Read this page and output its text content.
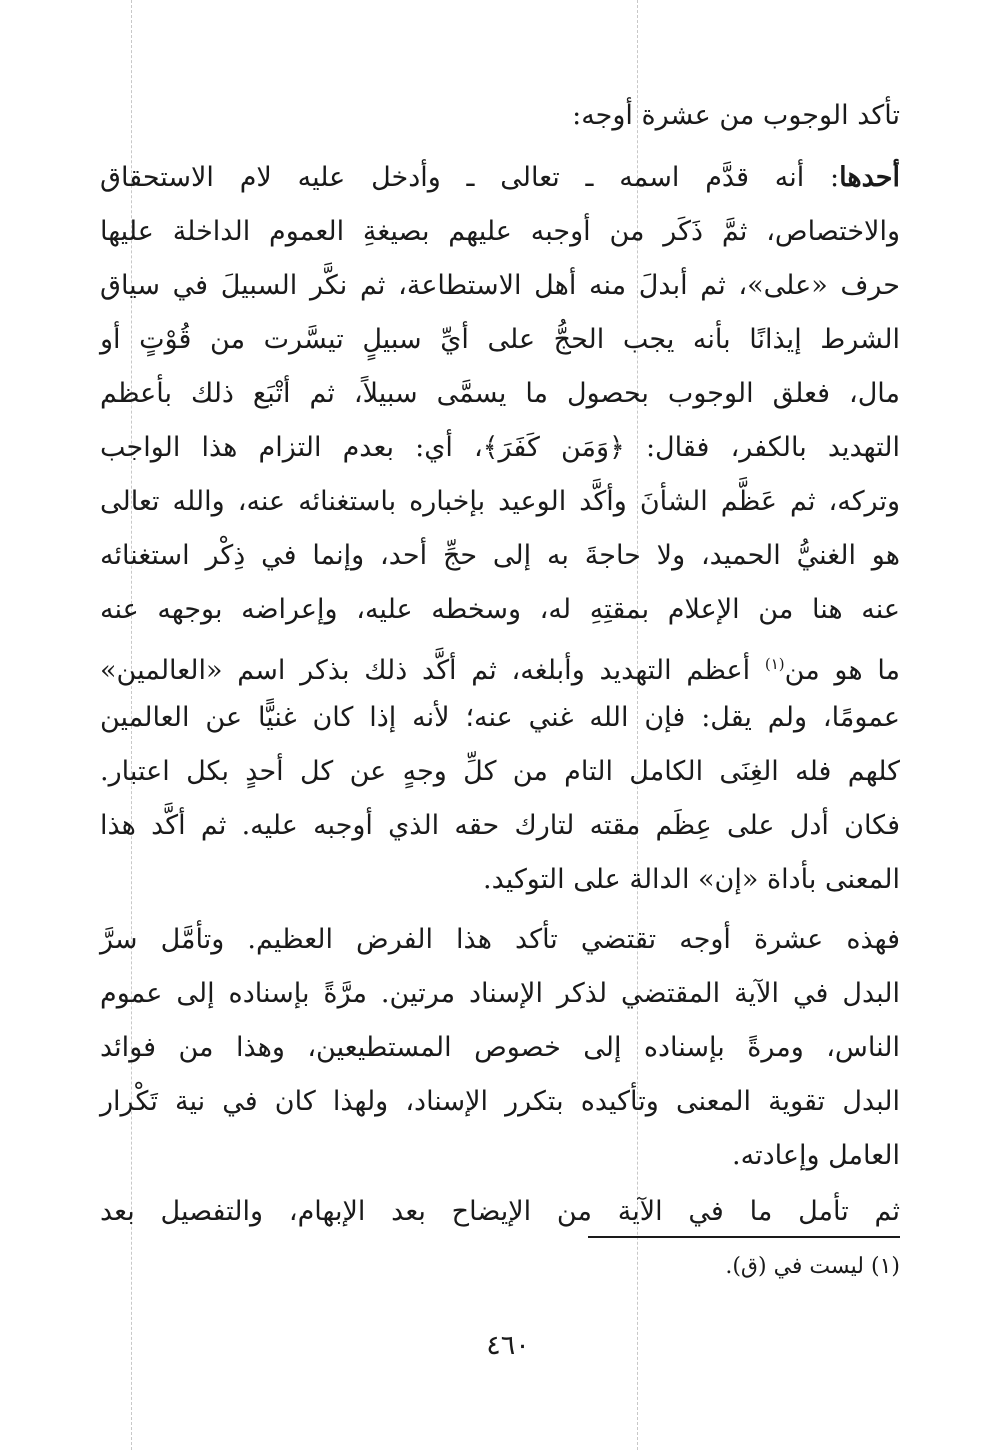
تأكد الوجوب من عشرة أوجه:
أحدها: أنه قدَّم اسمه ـ تعالى ـ وأدخل عليه لام الاستحقاق
والاختصاص، ثمَّ ذَكَر من أوجبه عليهم بصيغةِ العموم الداخلة عليها
حرف «على»، ثم أبدلَ منه أهل الاستطاعة، ثم نكَّر السبيلَ في سياق
الشرط إيذانًا بأنه يجب الحجُّ على أيِّ سبيلٍ تيسَّرت من قُوْتٍ أو
مال، فعلق الوجوب بحصول ما يسمَّى سبيلاً، ثم أتْبَع ذلك بأعظم
التهديد بالكفر، فقال: ﴿وَمَن كَفَرَ﴾، أي: بعدم التزام هذا الواجب
وتركه، ثم عَظَّم الشأنَ وأكَّد الوعيد بإخباره باستغنائه عنه، والله تعالى
هو الغنيُّ الحميد، ولا حاجةَ به إلى حجِّ أحد، وإنما في ذِكْر استغنائه
عنه هنا من الإعلام بمقتِهِ له، وسخطه عليه، وإعراضه بوجهه عنه
ما هو من$^{(١)}$ أعظم التهديد وأبلغه، ثم أكَّد ذلك بذكر اسم «العالمين»
عمومًا، ولم يقل: فإن الله غني عنه؛ لأنه إذا كان غنيًّا عن العالمين
كلهم فله الغِنَى الكامل التام من كلِّ وجهٍ عن كل أحدٍ بكل اعتبار.
فكان أدل على عِظَم مقته لتارك حقه الذي أوجبه عليه. ثم أكَّد هذا
المعنى بأداة «إن» الدالة على التوكيد.
فهذه عشرة أوجه تقتضي تأكد هذا الفرض العظيم. وتأمَّل سرَّ
البدل في الآية المقتضي لذكر الإسناد مرتين. مرَّةً بإسناده إلى عموم
الناس، ومرةً بإسناده إلى خصوص المستطيعين، وهذا من فوائد
البدل تقوية المعنى وتأكيده بتكرر الإسناد، ولهذا كان في نية تَكْرار
العامل وإعادته.
ثم تأمل ما في الآية من الإيضاح بعد الإبهام، والتفصيل بعد
(١) ليست في (ق).
٤٦٠
